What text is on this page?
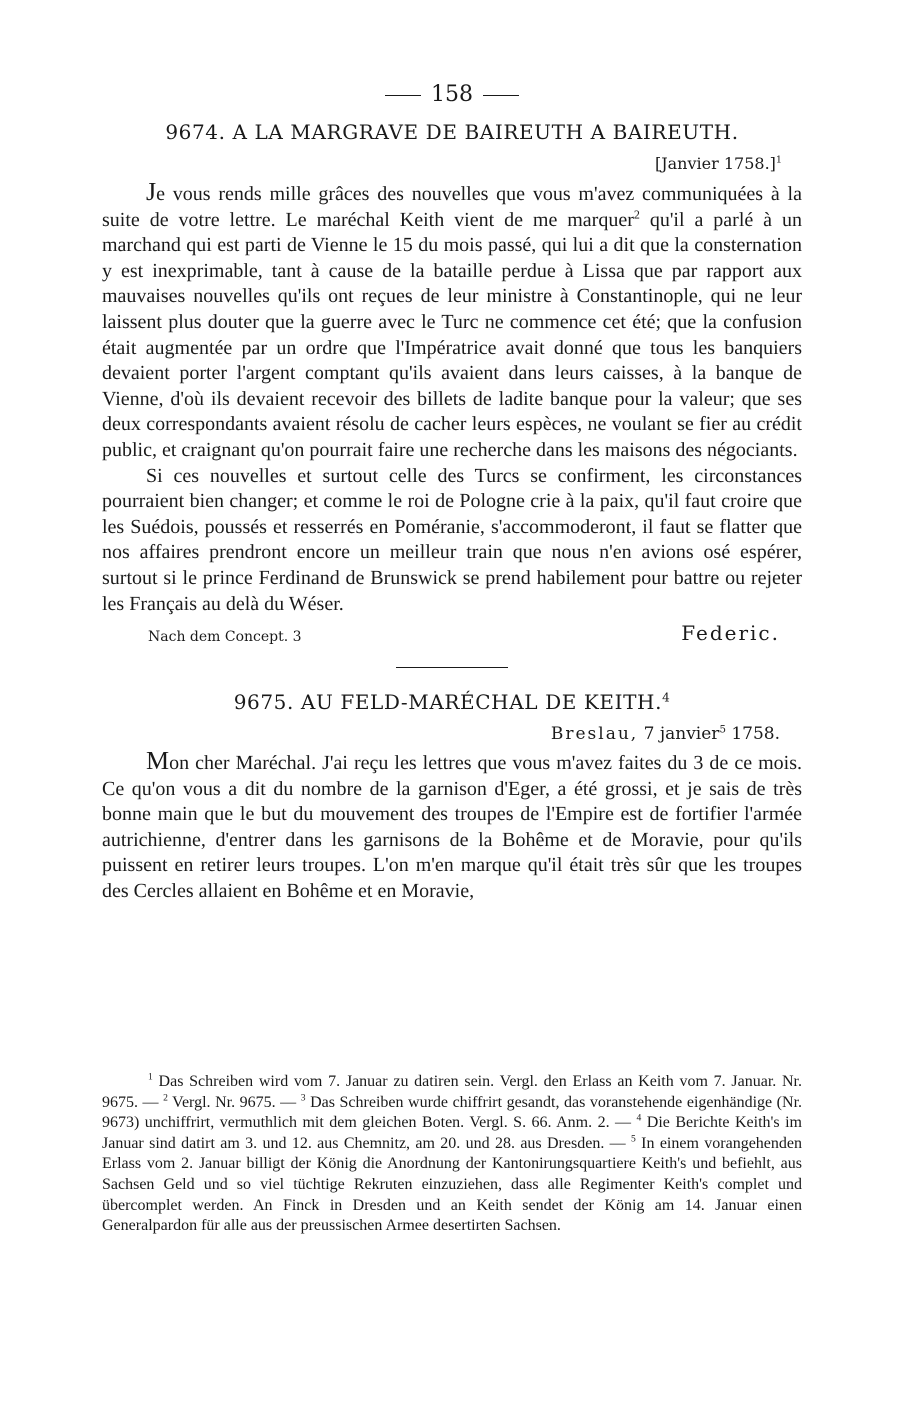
158
9674. A LA MARGRAVE DE BAIREUTH A BAIREUTH.
[Janvier 1758.]$^1$

Je vous rends mille grâces des nouvelles que vous m'avez communiquées à la suite de votre lettre. Le maréchal Keith vient de me marquer$^2$ qu'il a parlé à un marchand qui est parti de Vienne le 15 du mois passé, qui lui a dit que la consternation y est inexprimable, tant à cause de la bataille perdue à Lissa que par rapport aux mauvaises nouvelles qu'ils ont reçues de leur ministre à Constantinople, qui ne leur laissent plus douter que la guerre avec le Turc ne commence cet été; que la confusion était augmentée par un ordre que l'Impératrice avait donné que tous les banquiers devaient porter l'argent comptant qu'ils avaient dans leurs caisses, à la banque de Vienne, d'où ils devaient recevoir des billets de ladite banque pour la valeur; que ses deux correspondants avaient résolu de cacher leurs espèces, ne voulant se fier au crédit public, et craignant qu'on pourrait faire une recherche dans les maisons des négociants.

Si ces nouvelles et surtout celle des Turcs se confirment, les circonstances pourraient bien changer; et comme le roi de Pologne crie à la paix, qu'il faut croire que les Suédois, poussés et resserrés en Poméranie, s'accommoderont, il faut se flatter que nos affaires prendront encore un meilleur train que nous n'en avions osé espérer, surtout si le prince Ferdinand de Brunswick se prend habilement pour battre ou rejeter les Français au delà du Wéser.

Nach dem Concept. 3	Federic.
9675. AU FELD-MARÉCHAL DE KEITH.$^4$
Breslau, 7 janvier$^5$ 1758.

Mon cher Maréchal. J'ai reçu les lettres que vous m'avez faites du 3 de ce mois. Ce qu'on vous a dit du nombre de la garnison d'Eger, a été grossi, et je sais de très bonne main que le but du mouvement des troupes de l'Empire est de fortifier l'armée autrichienne, d'entrer dans les garnisons de la Bohême et de Moravie, pour qu'ils puissent en retirer leurs troupes. L'on m'en marque qu'il était très sûr que les troupes des Cercles allaient en Bohême et en Moravie,

$^1$ Das Schreiben wird vom 7. Januar zu datiren sein. Vergl. den Erlass an Keith vom 7. Januar. Nr. 9675. — $^2$ Vergl. Nr. 9675. — $^3$ Das Schreiben wurde chiffrirt gesandt, das voranstehende eigenhändige (Nr. 9673) unchiffrirt, vermuthlich mit dem gleichen Boten. Vergl. S. 66. Anm. 2. — $^4$ Die Berichte Keith's im Januar sind datirt am 3. und 12. aus Chemnitz, am 20. und 28. aus Dresden. — $^5$ In einem vorangehenden Erlass vom 2. Januar billigt der König die Anordnung der Kantonirungsquartiere Keith's und befiehlt, aus Sachsen Geld und so viel tüchtige Rekruten einzuziehen, dass alle Regimenter Keith's complet und übercomplet werden. An Finck in Dresden und an Keith sendet der König am 14. Januar einen Generalpardon für alle aus der preussischen Armee desertirten Sachsen.
